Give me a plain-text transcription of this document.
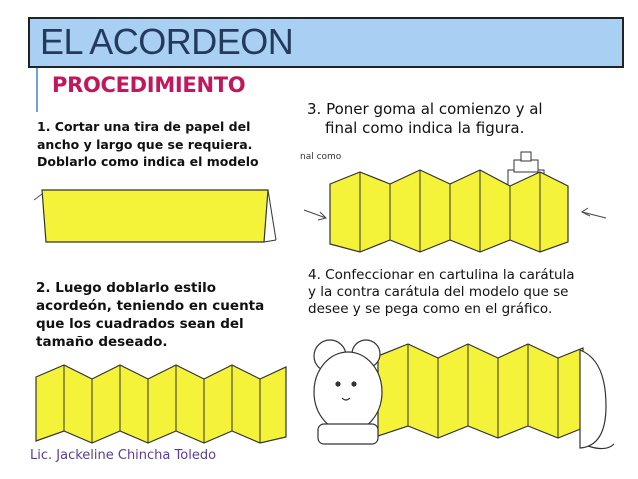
EL ACORDEON
PROCEDIMIENTO
1. Cortar una tira de papel del
ancho y largo que se requiera.
Doblarlo como indica el modelo
3. Poner goma al comienzo y al
final como indica la figura.
2. Luego doblarlo estilo
acordeón, teniendo en cuenta
que los cuadrados sean del
tamaño deseado.
4. Confeccionar en cartulina la carátula
y la contra carátula del modelo que se
desee y se pega como en el gráfico.
nal como
Lic. Jackeline Chincha Toledo
